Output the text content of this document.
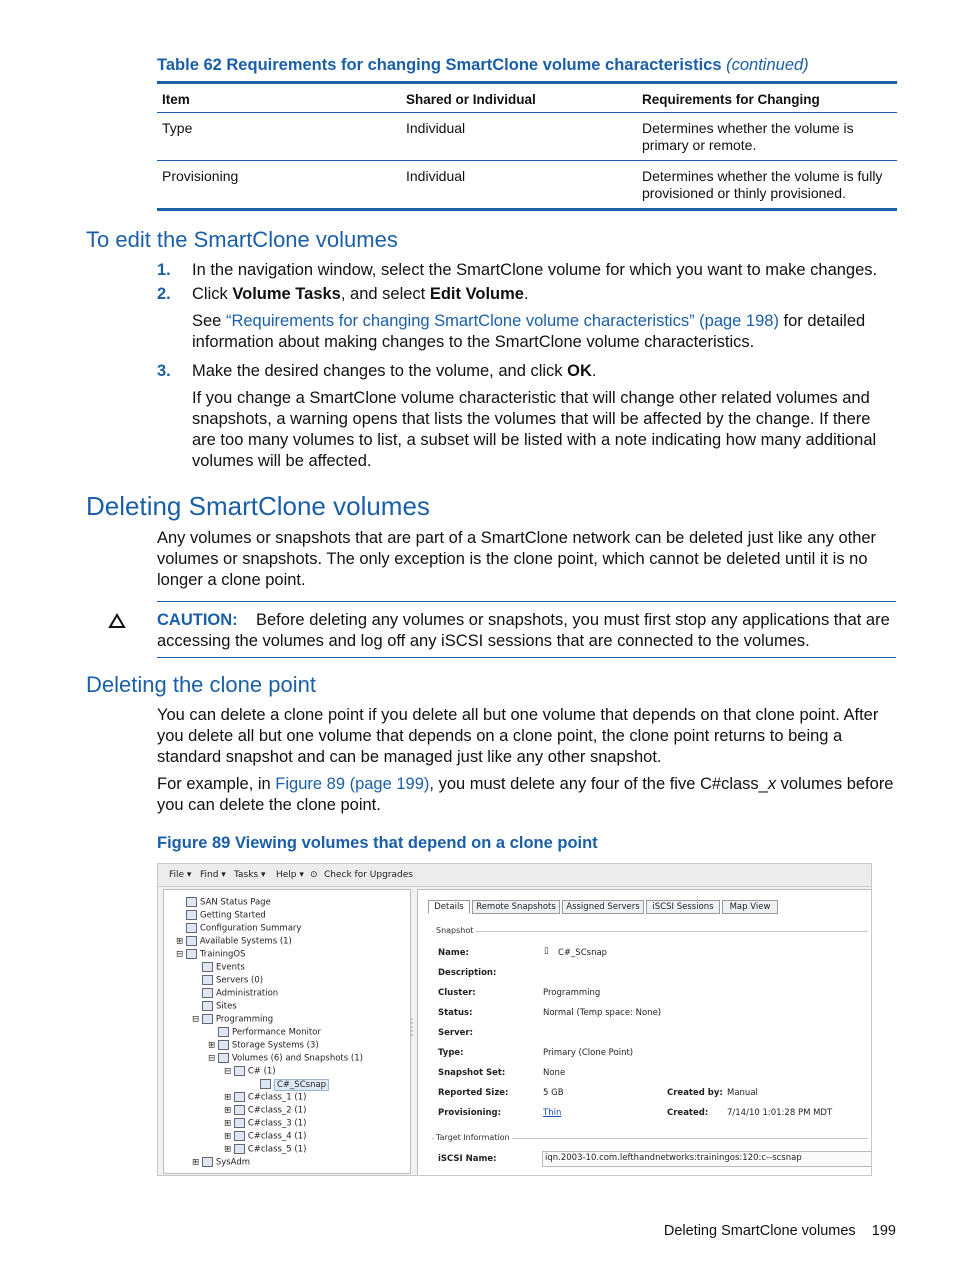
Table 62 Requirements for changing SmartClone volume characteristics (continued)
Item	Shared or Individual	Requirements for Changing
Type	Individual	Determines whether the volume is primary or remote.
Provisioning	Individual	Determines whether the volume is fully provisioned or thinly provisioned.
To edit the SmartClone volumes
1. In the navigation window, select the SmartClone volume for which you want to make changes.
2. Click Volume Tasks, and select Edit Volume.
See “Requirements for changing SmartClone volume characteristics” (page 198) for detailed information about making changes to the SmartClone volume characteristics.
3. Make the desired changes to the volume, and click OK.
If you change a SmartClone volume characteristic that will change other related volumes and snapshots, a warning opens that lists the volumes that will be affected by the change. If there are too many volumes to list, a subset will be listed with a note indicating how many additional volumes will be affected.
Deleting SmartClone volumes

Any volumes or snapshots that are part of a SmartClone network can be deleted just like any other volumes or snapshots. The only exception is the clone point, which cannot be deleted until it is no longer a clone point.

CAUTION: Before deleting any volumes or snapshots, you must first stop any applications that are accessing the volumes and log off any iSCSI sessions that are connected to the volumes.

Deleting the clone point

You can delete a clone point if you delete all but one volume that depends on that clone point. After you delete all but one volume that depends on a clone point, the clone point returns to being a standard snapshot and can be managed just like any other snapshot.

For example, in Figure 89 (page 199), you must delete any four of the five C#class_x volumes before you can delete the clone point.

Figure 89 Viewing volumes that depend on a clone point
File ▾ Find ▾ Tasks ▾ Help ▾ ⊙ Check for Upgrades
SAN Status Page
Getting Started
Configuration Summary
⊞ Available Systems (1)
⊟ TrainingOS
Events
Servers (0)
Administration
Sites
⊟ Programming
Performance Monitor
⊞ Storage Systems (3)
⊟ Volumes (6) and Snapshots (1)
⊟ C# (1)
C#_SCsnap
⊞ C#class_1 (1)
⊞ C#class_2 (1)
⊞ C#class_3 (1)
⊞ C#class_4 (1)
⊞ C#class_5 (1)
⊞ SysAdm
Details	Remote Snapshots	Assigned Servers	iSCSI Sessions	Map View
Snapshot
Name:	▯ C#_SCsnap
Description:
Cluster:	Programming
Status:	Normal (Temp space: None)
Server:
Type:	Primary (Clone Point)
Snapshot Set:	None
Reported Size:	5 GB	Created by: Manual
Provisioning:	Thin	Created: 7/14/10 1:01:28 PM MDT
Target Information
iSCSI Name:	iqn.2003-10.com.lefthandnetworks:trainingos:120:c--scsnap
Deleting SmartClone volumes 199
